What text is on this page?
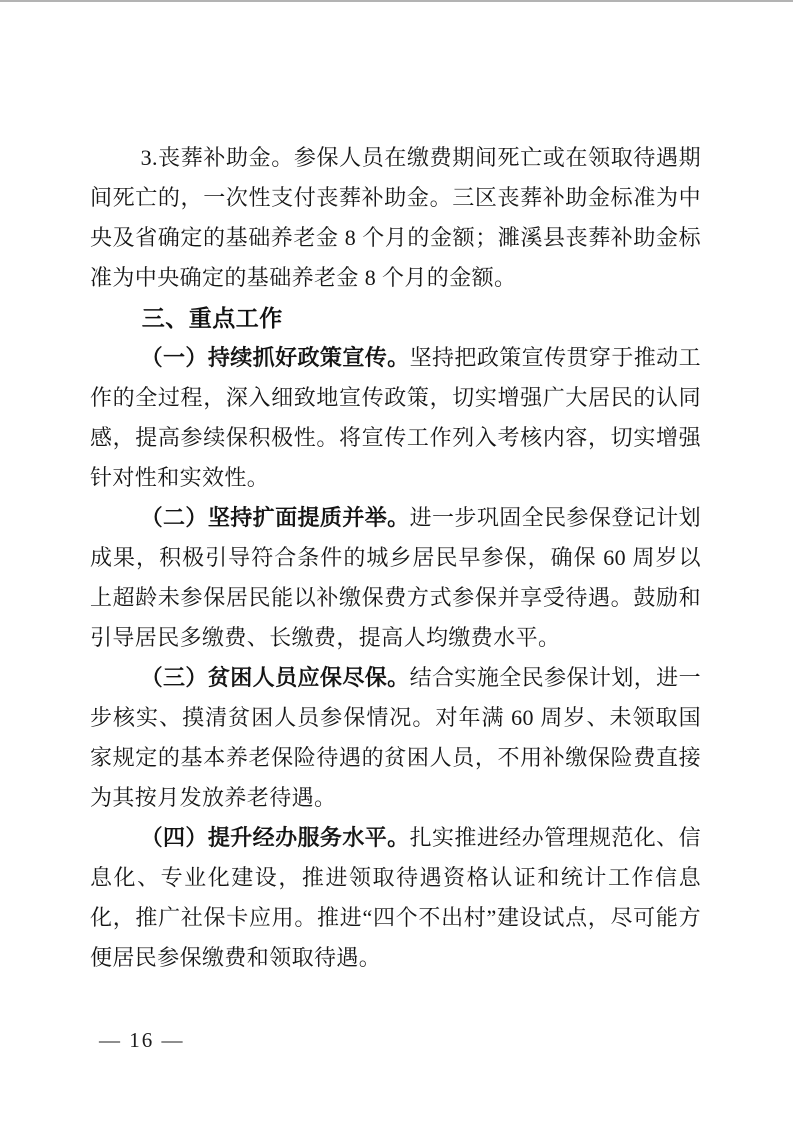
3.丧葬补助金。参保人员在缴费期间死亡或在领取待遇期间死亡的，一次性支付丧葬补助金。三区丧葬补助金标准为中央及省确定的基础养老金 8 个月的金额；濉溪县丧葬补助金标准为中央确定的基础养老金 8 个月的金额。

三、重点工作

（一）持续抓好政策宣传。坚持把政策宣传贯穿于推动工作的全过程，深入细致地宣传政策，切实增强广大居民的认同感，提高参续保积极性。将宣传工作列入考核内容，切实增强针对性和实效性。

（二）坚持扩面提质并举。进一步巩固全民参保登记计划成果，积极引导符合条件的城乡居民早参保，确保 60 周岁以上超龄未参保居民能以补缴保费方式参保并享受待遇。鼓励和引导居民多缴费、长缴费，提高人均缴费水平。

（三）贫困人员应保尽保。结合实施全民参保计划，进一步核实、摸清贫困人员参保情况。对年满 60 周岁、未领取国家规定的基本养老保险待遇的贫困人员，不用补缴保险费直接为其按月发放养老待遇。

（四）提升经办服务水平。扎实推进经办管理规范化、信息化、专业化建设，推进领取待遇资格认证和统计工作信息化，推广社保卡应用。推进“四个不出村”建设试点，尽可能方便居民参保缴费和领取待遇。

— 16 —
